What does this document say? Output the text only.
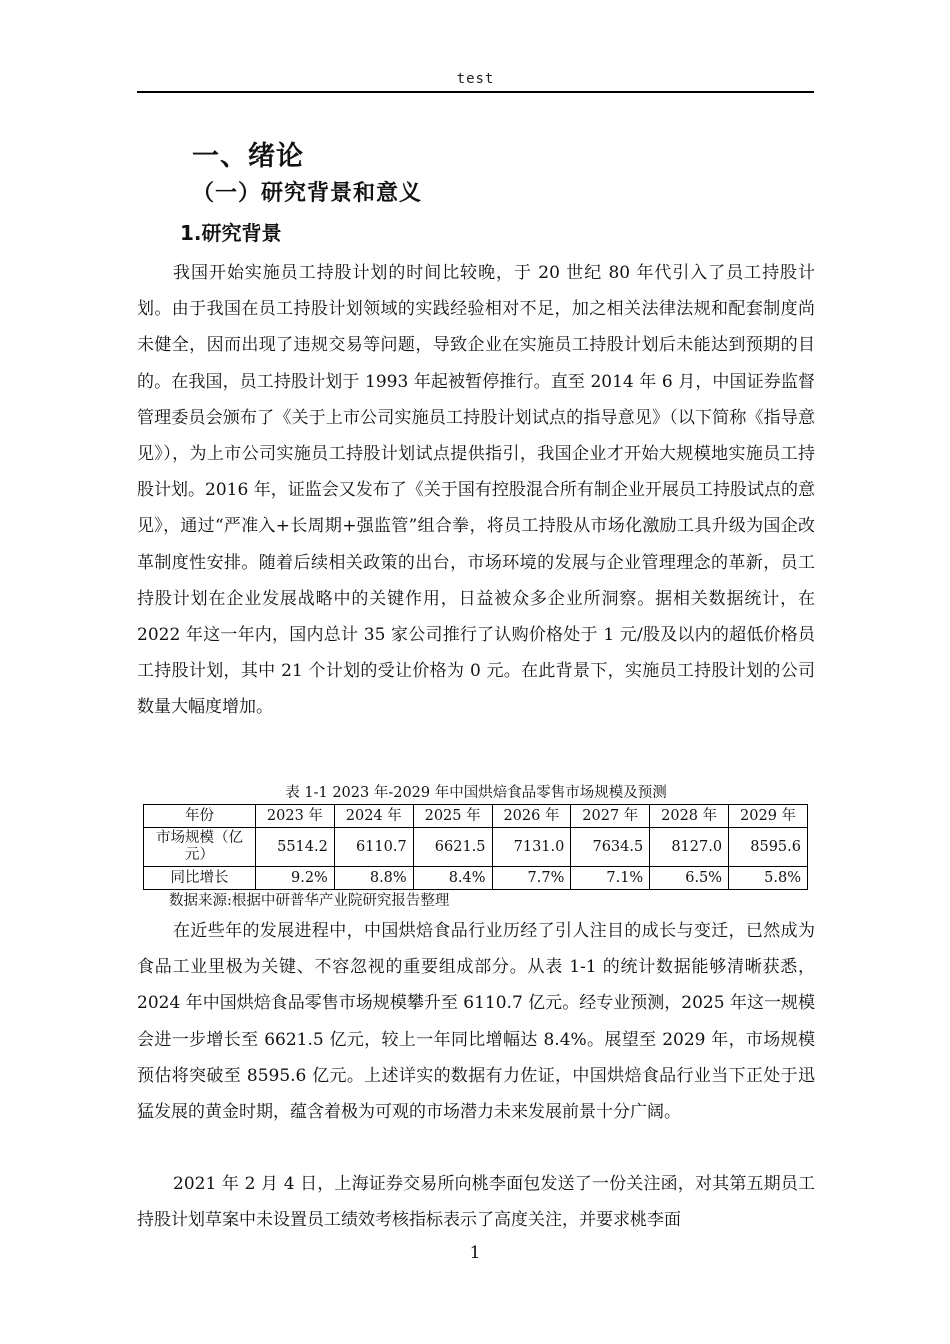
test
一、绪论
（一）研究背景和意义
1.研究背景

我国开始实施员工持股计划的时间比较晚，于 20 世纪 80 年代引入了员工持股计划。由于我国在员工持股计划领域的实践经验相对不足，加之相关法律法规和配套制度尚未健全，因而出现了违规交易等问题，导致企业在实施员工持股计划后未能达到预期的目的。在我国，员工持股计划于 1993 年起被暂停推行。直至 2014 年 6 月，中国证券监督管理委员会颁布了《关于上市公司实施员工持股计划试点的指导意见》（以下简称《指导意见》），为上市公司实施员工持股计划试点提供指引，我国企业才开始大规模地实施员工持股计划。2016 年，证监会又发布了《关于国有控股混合所有制企业开展员工持股试点的意见》，通过“严准入+长周期+强监管”组合拳，将员工持股从市场化激励工具升级为国企改革制度性安排。随着后续相关政策的出台，市场环境的发展与企业管理理念的革新，员工持股计划在企业发展战略中的关键作用，日益被众多企业所洞察。据相关数据统计，在 2022 年这一年内，国内总计 35 家公司推行了认购价格处于 1 元/股及以内的超低价格员工持股计划，其中 21 个计划的受让价格为 0 元。在此背景下，实施员工持股计划的公司数量大幅度增加。

表 1-1 2023 年-2029 年中国烘焙食品零售市场规模及预测
年份	2023 年	2024 年	2025 年	2026 年	2027 年	2028 年	2029 年
市场规模（亿元）	5514.2	6110.7	6621.5	7131.0	7634.5	8127.0	8595.6
同比增长	9.2%	8.8%	8.4%	7.7%	7.1%	6.5%	5.8%
数据来源:根据中研普华产业院研究报告整理

在近些年的发展进程中，中国烘焙食品行业历经了引人注目的成长与变迁，已然成为食品工业里极为关键、不容忽视的重要组成部分。从表 1-1 的统计数据能够清晰获悉，2024 年中国烘焙食品零售市场规模攀升至 6110.7 亿元。经专业预测，2025 年这一规模会进一步增长至 6621.5 亿元，较上一年同比增幅达 8.4%。展望至 2029 年，市场规模预估将突破至 8595.6 亿元。上述详实的数据有力佐证，中国烘焙食品行业当下正处于迅猛发展的黄金时期，蕴含着极为可观的市场潜力未来发展前景十分广阔。

2021 年 2 月 4 日，上海证券交易所向桃李面包发送了一份关注函，对其第五期员工持股计划草案中未设置员工绩效考核指标表示了高度关注，并要求桃李面

1
